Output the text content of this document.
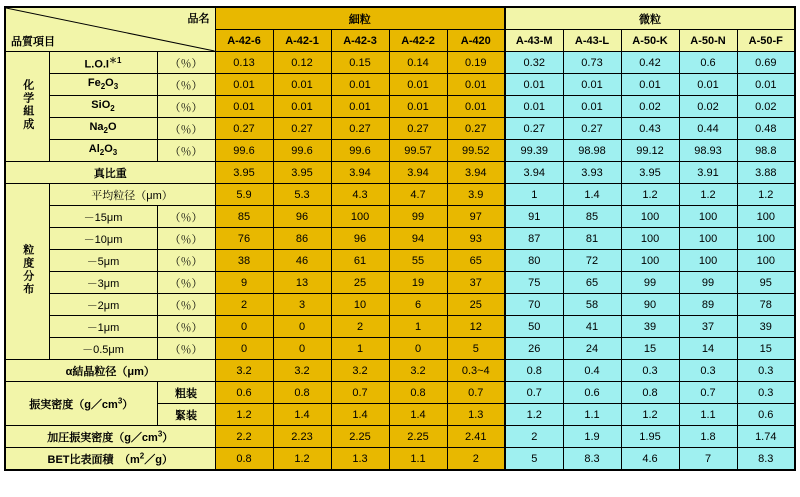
品名
品質項目			細粒					微粒				
			A-42-6	A-42-1	A-42-3	A-42-2	A-420	A-43-M	A-43-L	A-50-K	A-50-N	A-50-F
化学組成	$L.O.I^{*1}$	（％）	0.13	0.12	0.15	0.14	0.19	0.32	0.73	0.42	0.6	0.69
	$Fe_2O_3$	（％）	0.01	0.01	0.01	0.01	0.01	0.01	0.01	0.01	0.01	0.01
	SiO$_2$	（％）	0.01	0.01	0.01	0.01	0.01	0.01	0.01	0.02	0.02	0.02
	$Na_2O$	（％）	0.27	0.27	0.27	0.27	0.27	0.27	0.27	0.43	0.44	0.48
	$Al_2O_3$	（％）	99.6	99.6	99.6	99.57	99.52	99.39	98.98	99.12	98.93	98.8
真比重			3.95	3.95	3.94	3.94	3.94	3.94	3.93	3.95	3.91	3.88
粒度分布	平均粒径（μm）		5.9	5.3	4.3	4.7	3.9	1	1.4	1.2	1.2	1.2
	－15μm	（％）	85	96	100	99	97	91	85	100	100	100
	－10μm	（％）	76	86	96	94	93	87	81	100	100	100
	－5μm	（％）	38	46	61	55	65	80	72	100	100	100
	－3μm	（％）	9	13	25	19	37	75	65	99	99	95
	－2μm	（％）	2	3	10	6	25	70	58	90	89	78
	－1μm	（％）	0	0	2	1	12	50	41	39	37	39
	－0.5μm	（％）	0	0	1	0	5	26	24	15	14	15
α結晶粒径（μm）			3.2	3.2	3.2	3.2	0.3~4	0.8	0.4	0.3	0.3	0.3
振実密度$(g/cm^3)$		粗装	0.6	0.8	0.7	0.8	0.7	0.7	0.6	0.8	0.7	0.3
		緊装	1.2	1.4	1.4	1.4	1.3	1.2	1.1	1.2	1.1	0.6
加圧振実密度$(g/cm^3)$			2.2	2.23	2.25	2.25	2.41	2	1.9	1.95	1.8	1.74
BET比表面積　$(m^2/g)$			0.8	1.2	1.3	1.1	2	5	8.3	4.6	7	8.3
